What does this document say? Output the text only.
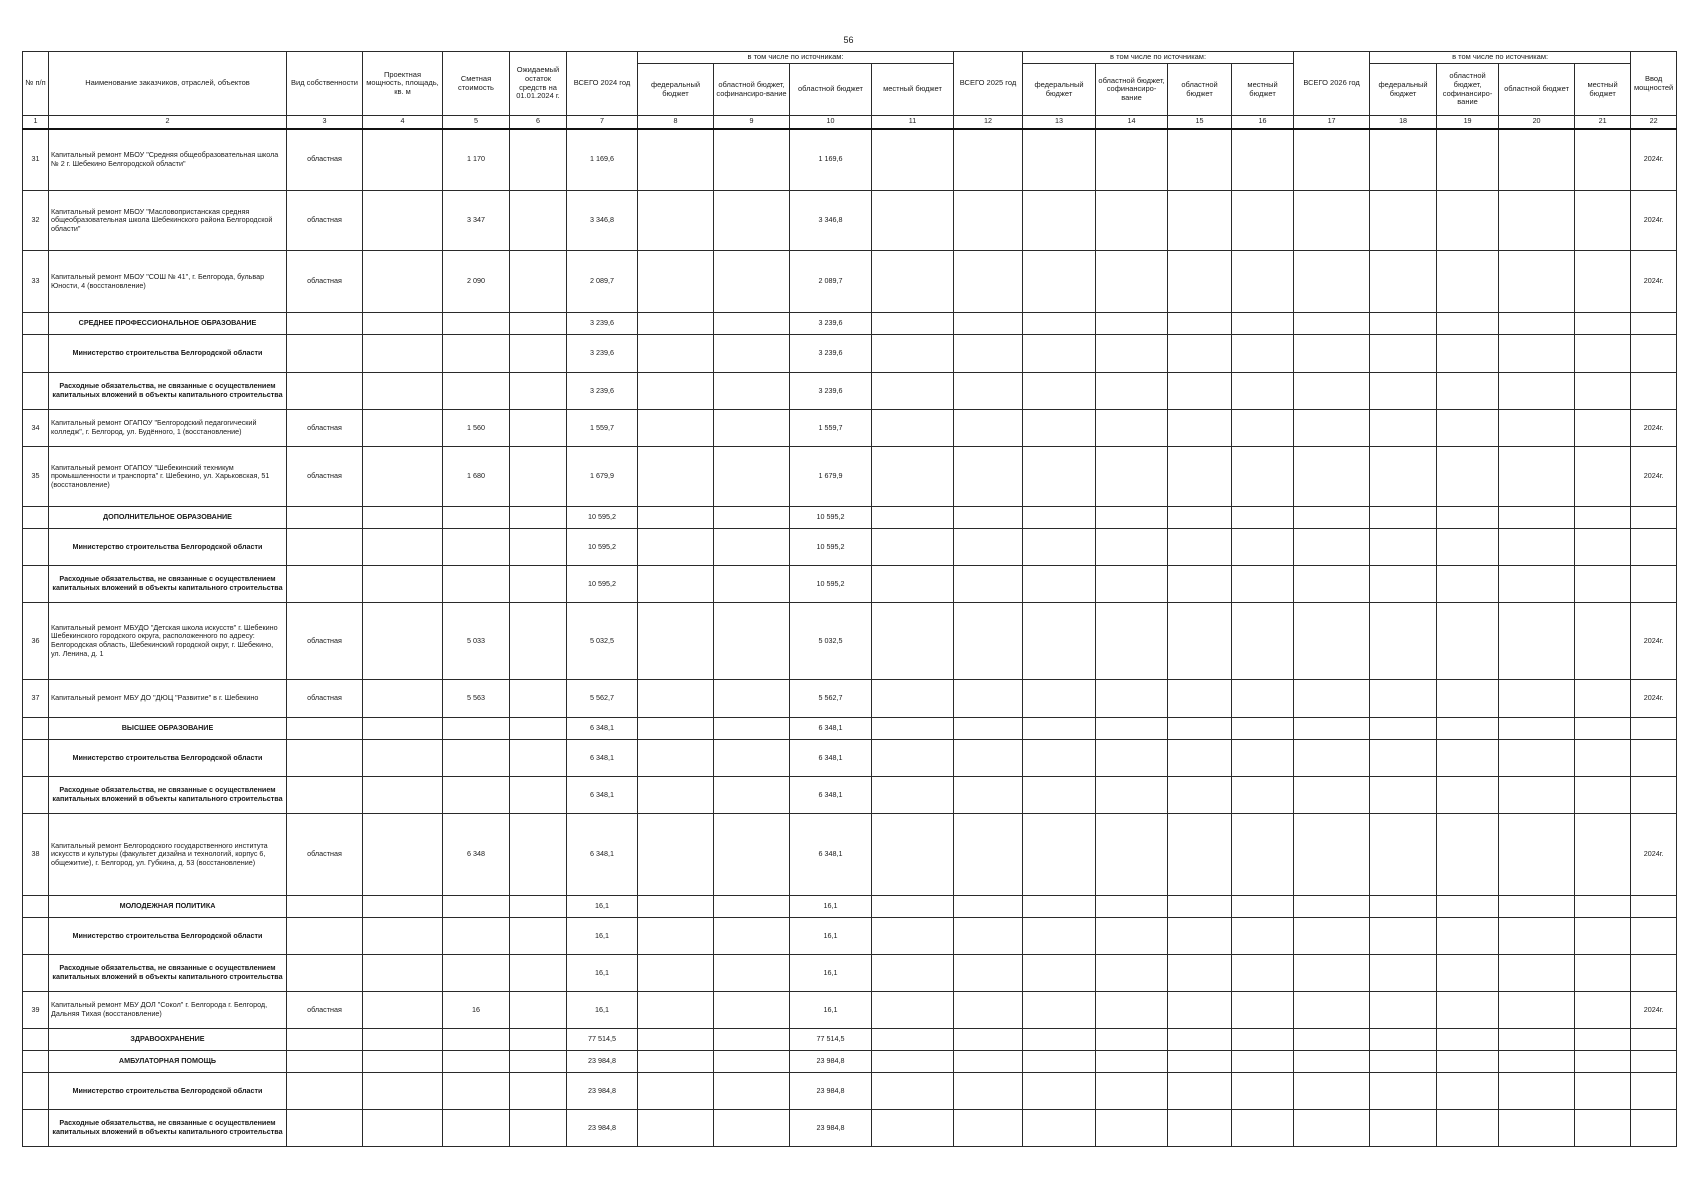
56
№ п/п	Наименование заказчиков, отраслей, объектов	Вид собственности	Проектная мощность, площадь, кв. м	Сметная стоимость	Ожидаемый остаток средств на 01.01.2024 г.	ВСЕГО 2024 год	в том числе по источникам:				ВСЕГО 2025 год	в том числе по источникам:				ВСЕГО 2026 год	в том числе по источникам:				Ввод мощностей
							федеральный бюджет	областной бюджет, софинансиро-вание	областной бюджет	местный бюджет		федеральный бюджет	областной бюджет, софинансиро-вание	областной бюджет	местный бюджет		федеральный бюджет	областной бюджет, софинансиро-вание	областной бюджет	местный бюджет	
1	2	3	4	5	6	7	8	9	10	11	12	13	14	15	16	17	18	19	20	21	22
31	Капитальный ремонт МБОУ "Средняя общеобразовательная школа № 2 г. Шебекино Белгородской области"	областная		1 170		1 169,6			1 169,6												2024г.
32	Капитальный ремонт МБОУ "Масловопристанская средняя общеобразовательная школа Шебекинского района Белгородской области"	областная		3 347		3 346,8			3 346,8												2024г.
33	Капитальный ремонт МБОУ "СОШ № 41", г. Белгорода, бульвар Юности, 4 (восстановление)	областная		2 090		2 089,7			2 089,7												2024г.
	СРЕДНЕЕ ПРОФЕССИОНАЛЬНОЕ ОБРАЗОВАНИЕ					3 239,6			3 239,6												
	Министерство строительства Белгородской области					3 239,6			3 239,6												
	Расходные обязательства, не связанные с осуществлением капитальных вложений в объекты капитального строительства					3 239,6			3 239,6												
34	Капитальный ремонт ОГАПОУ "Белгородский педагогический колледж", г. Белгород, ул. Будённого, 1 (восстановление)	областная		1 560		1 559,7			1 559,7												2024г.
35	Капитальный ремонт ОГАПОУ "Шебекинский техникум промышленности и транспорта" г. Шебекино, ул. Харьковская, 51 (восстановление)	областная		1 680		1 679,9			1 679,9												2024г.
	ДОПОЛНИТЕЛЬНОЕ ОБРАЗОВАНИЕ					10 595,2			10 595,2												
	Министерство строительства Белгородской области					10 595,2			10 595,2												
	Расходные обязательства, не связанные с осуществлением капитальных вложений в объекты капитального строительства					10 595,2			10 595,2												
36	Капитальный ремонт МБУДО "Детская школа искусств" г. Шебекино Шебекинского городского округа, расположенного по адресу: Белгородская область, Шебекинский городской округ, г. Шебекино, ул. Ленина, д. 1	областная		5 033		5 032,5			5 032,5												2024г.
37	Капитальный ремонт МБУ ДО "ДЮЦ "Развитие" в г. Шебекино	областная		5 563		5 562,7			5 562,7												2024г.
	ВЫСШЕЕ ОБРАЗОВАНИЕ					6 348,1			6 348,1												
	Министерство строительства Белгородской области					6 348,1			6 348,1												
	Расходные обязательства, не связанные с осуществлением капитальных вложений в объекты капитального строительства					6 348,1			6 348,1												
38	Капитальный ремонт Белгородского государственного института искусств и культуры (факультет дизайна и технологий, корпус 6, общежитие), г. Белгород, ул. Губкина, д. 53 (восстановление)	областная		6 348		6 348,1			6 348,1												2024г.
	МОЛОДЕЖНАЯ ПОЛИТИКА					16,1			16,1												
	Министерство строительства Белгородской области					16,1			16,1												
	Расходные обязательства, не связанные с осуществлением капитальных вложений в объекты капитального строительства					16,1			16,1												
39	Капитальный ремонт МБУ ДОЛ "Сокол" г. Белгорода г. Белгород, Дальняя Тихая (восстановление)	областная		16		16,1			16,1												2024г.
	ЗДРАВООХРАНЕНИЕ					77 514,5			77 514,5												
	АМБУЛАТОРНАЯ ПОМОЩЬ					23 984,8			23 984,8												
	Министерство строительства Белгородской области					23 984,8			23 984,8												
	Расходные обязательства, не связанные с осуществлением капитальных вложений в объекты капитального строительства					23 984,8			23 984,8												
